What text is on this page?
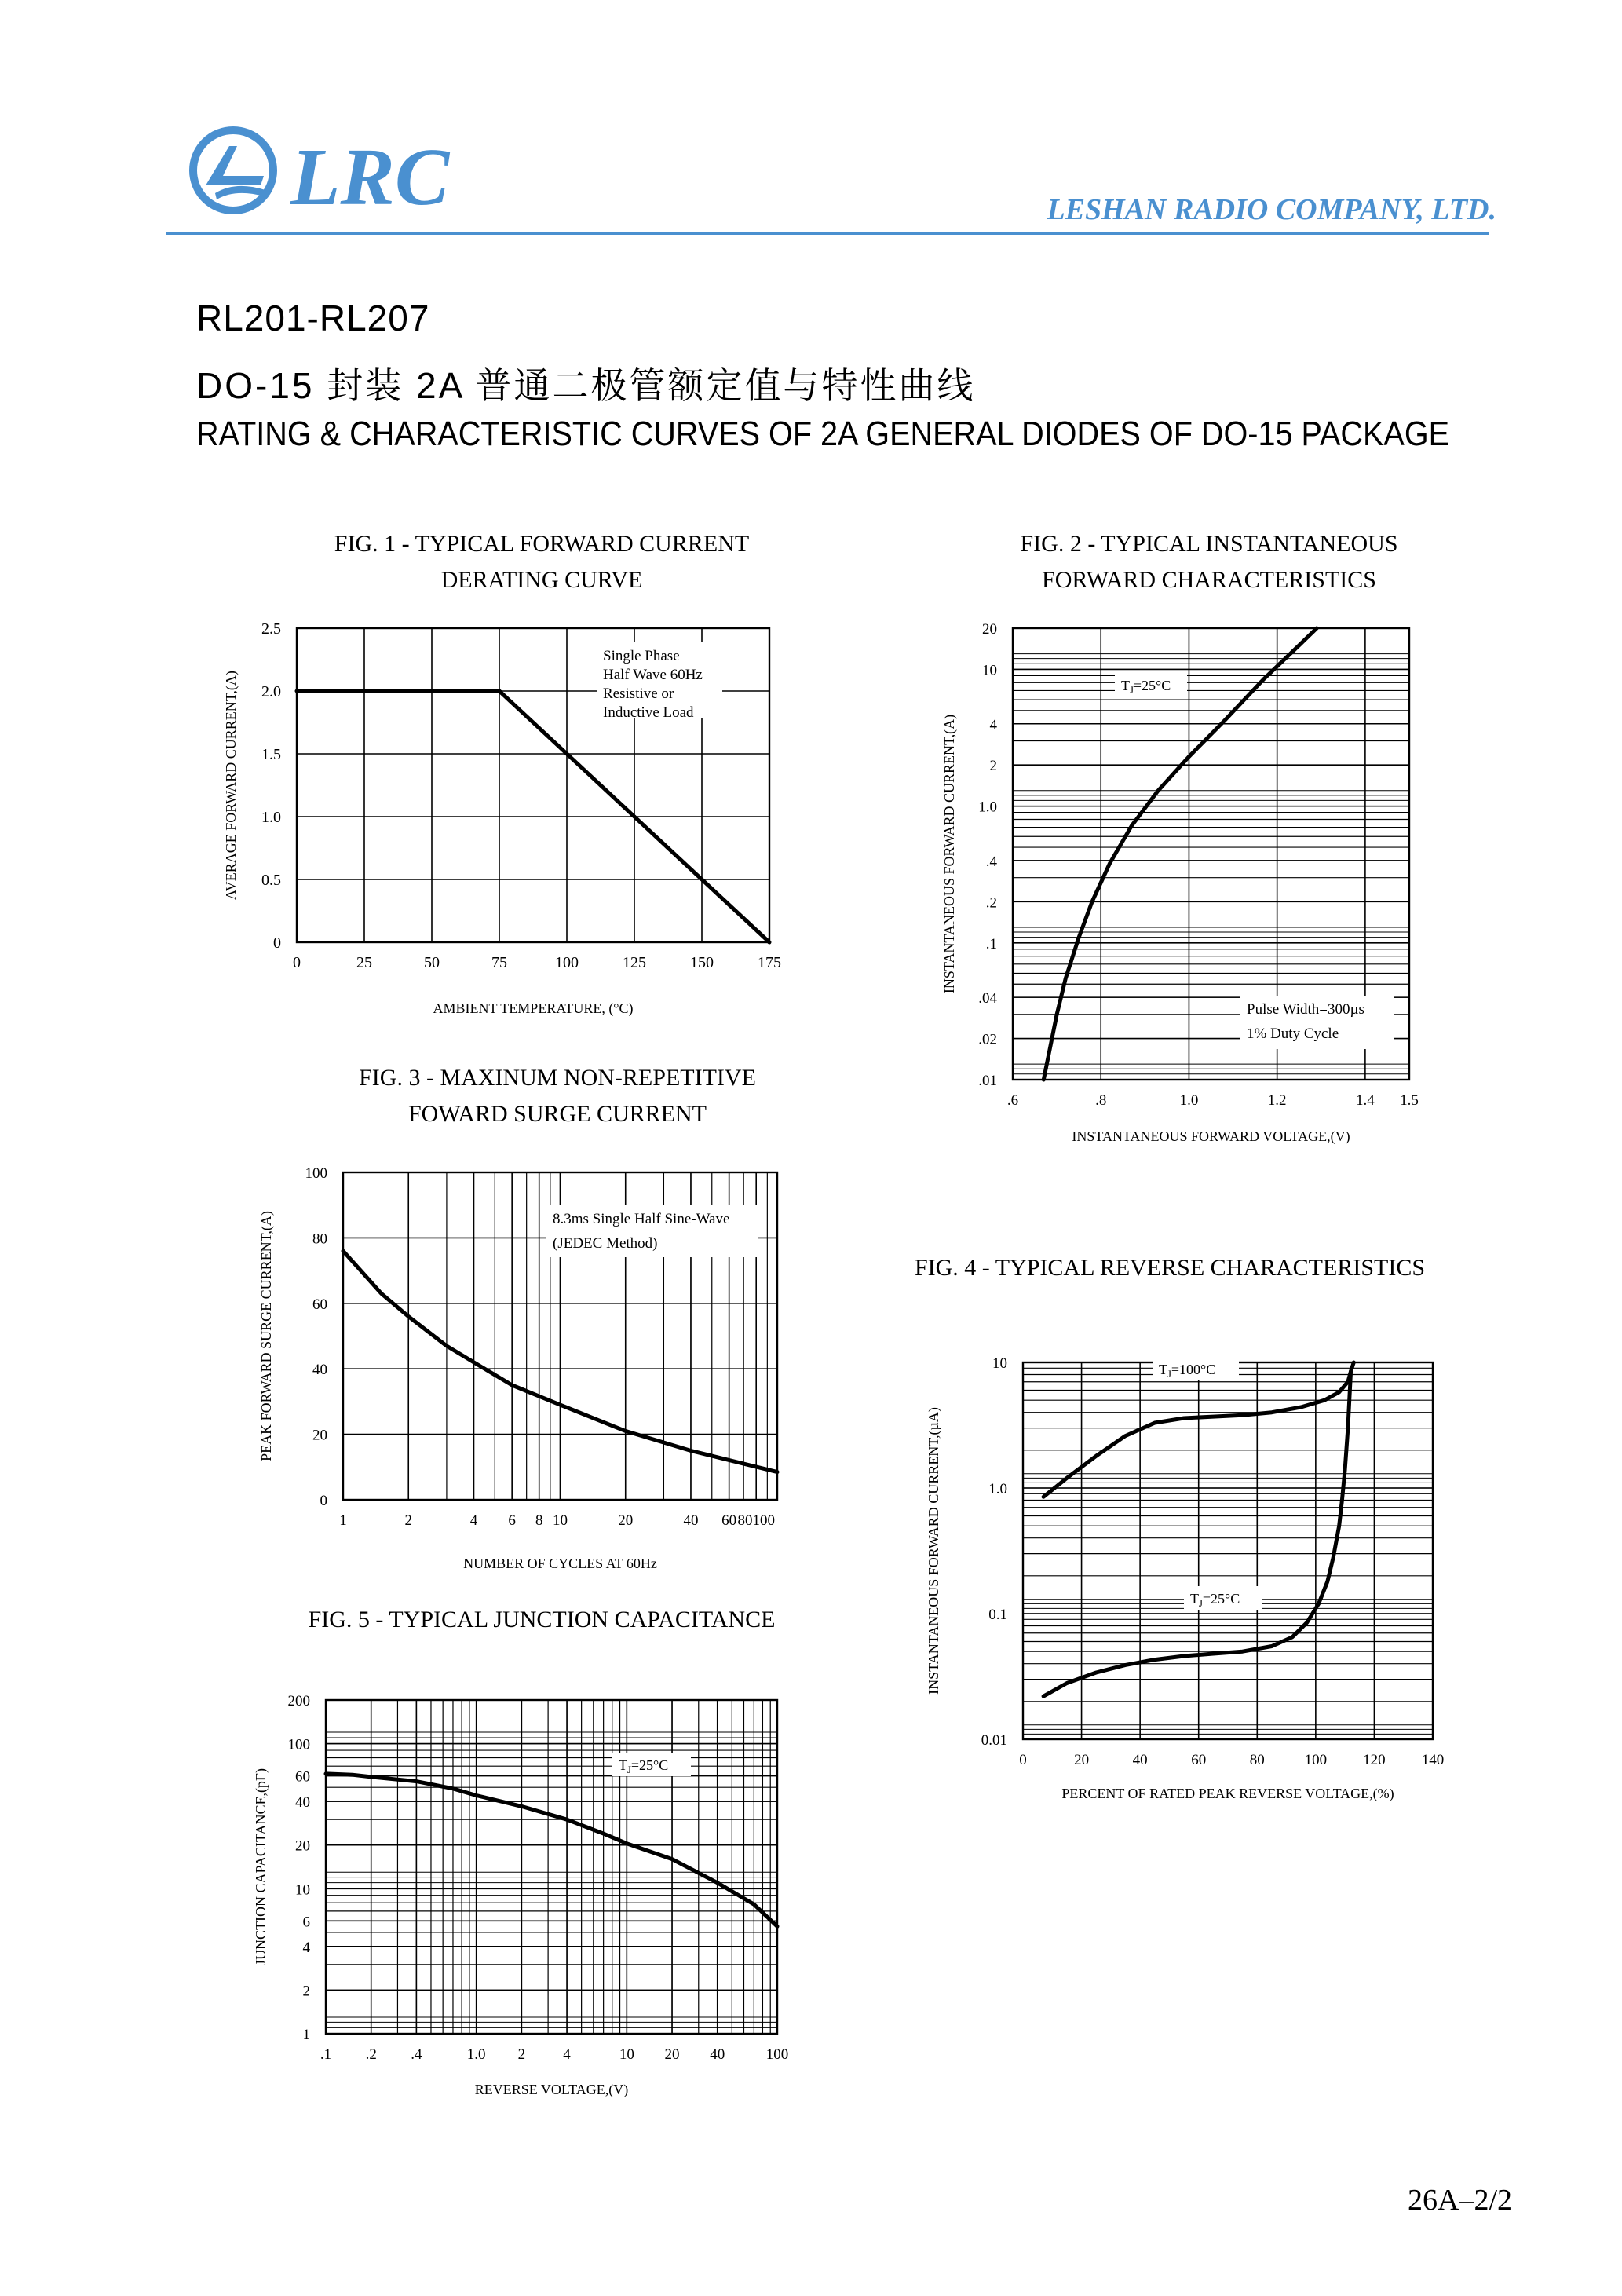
LRC	LESHAN RADIO COMPANY, LTD.
RL201-RL207
DO-15 封装 2A 普通二极管额定值与特性曲线
RATING & CHARACTERISTIC CURVES OF 2A GENERAL DIODES OF DO-15 PACKAGE
FIG. 1 - TYPICAL FORWARD CURRENT
DERATING CURVE
FIG. 2 - TYPICAL INSTANTANEOUS
FORWARD CHARACTERISTICS
FIG. 3 - MAXINUM NON-REPETITIVE
FOWARD SURGE CURRENT
FIG. 4 - TYPICAL REVERSE CHARACTERISTICS
FIG. 5 - TYPICAL JUNCTION CAPACITANCE
0	25	50	75	100	125	150	175
0
0.5
1.0
1.5
2.0
2.5
AMBIENT TEMPERATURE, (°C)
AVERAGE FORWARD CURRENT,(A)
.6	.8	1.0	1.2	1.4 1.5
.01
.02
.04
.1
.2
.4
1.0
2
4
10
20
INSTANTANEOUS FORWARD VOLTAGE,(V)
INSTANTANEOUS FORWARD CURRENT,(A)
1	2	4 6 8 10	20	40 60 80100
0
20
40
60
80
100
NUMBER OF CYCLES AT 60Hz
PEAK FORWARD SURGE CURRENT,(A)
0	20	40	60	80	100 120 140
0.01
0.1
1.0
10
PERCENT OF RATED PEAK REVERSE VOLTAGE,(%)
INSTANTANEOUS FORWARD CURRENT,(µA)
.1 .2 .4	1.0 2	4	10 20 40	100
1
2
4
6
10
20
40
60
100
200
REVERSE VOLTAGE,(V)
JUNCTION CAPACITANCE,(pF)
Single Phase
Half Wave 60Hz
Resistive or
Inductive Load
$T_J=25^\circ C$
Pulse Width=300µs
1% Duty Cycle
8.3ms Single Half Sine-Wave
(JEDEC Method)
$T_J=100^\circ C$
$T_J=25^\circ C$
$T_J=25^\circ C$
26A–2/2
